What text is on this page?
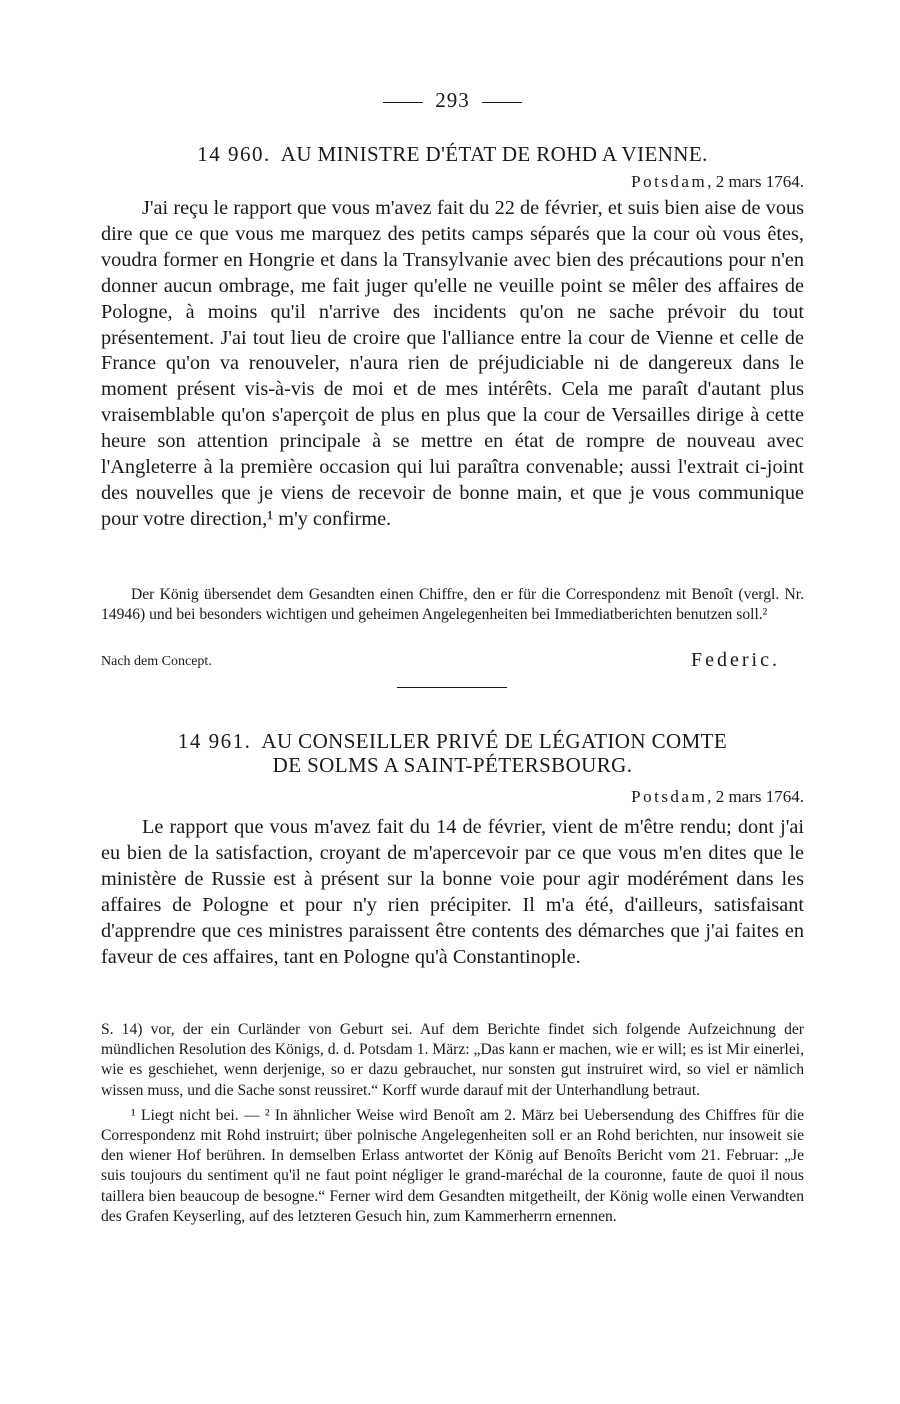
293
14 960. AU MINISTRE D'ÉTAT DE ROHD A VIENNE.
Potsdam, 2 mars 1764.

J'ai reçu le rapport que vous m'avez fait du 22 de février, et suis bien aise de vous dire que ce que vous me marquez des petits camps séparés que la cour où vous êtes, voudra former en Hongrie et dans la Transylvanie avec bien des précautions pour n'en donner aucun ombrage, me fait juger qu'elle ne veuille point se mêler des affaires de Pologne, à moins qu'il n'arrive des incidents qu'on ne sache prévoir du tout présentement. J'ai tout lieu de croire que l'alliance entre la cour de Vienne et celle de France qu'on va renouveler, n'aura rien de préjudiciable ni de dangereux dans le moment présent vis-à-vis de moi et de mes intérêts. Cela me paraît d'autant plus vraisemblable qu'on s'aperçoit de plus en plus que la cour de Versailles dirige à cette heure son attention principale à se mettre en état de rompre de nouveau avec l'Angleterre à la première occasion qui lui paraîtra convenable; aussi l'extrait ci-joint des nouvelles que je viens de recevoir de bonne main, et que je vous communique pour votre direction,¹ m'y confirme.

Der König übersendet dem Gesandten einen Chiffre, den er für die Correspondenz mit Benoît (vergl. Nr. 14946) und bei besonders wichtigen und geheimen Angelegenheiten bei Immediatberichten benutzen soll.²

Nach dem Concept.	Federic.
14 961. AU CONSEILLER PRIVÉ DE LÉGATION COMTE
DE SOLMS A SAINT-PÉTERSBOURG.
Potsdam, 2 mars 1764.

Le rapport que vous m'avez fait du 14 de février, vient de m'être rendu; dont j'ai eu bien de la satisfaction, croyant de m'apercevoir par ce que vous m'en dites que le ministère de Russie est à présent sur la bonne voie pour agir modérément dans les affaires de Pologne et pour n'y rien précipiter. Il m'a été, d'ailleurs, satisfaisant d'apprendre que ces ministres paraissent être contents des démarches que j'ai faites en faveur de ces affaires, tant en Pologne qu'à Constantinople.

S. 14) vor, der ein Curländer von Geburt sei. Auf dem Berichte findet sich folgende Aufzeichnung der mündlichen Resolution des Königs, d. d. Potsdam 1. März: „Das kann er machen, wie er will; es ist Mir einerlei, wie es geschiehet, wenn derjenige, so er dazu gebrauchet, nur sonsten gut instruiret wird, so viel er nämlich wissen muss, und die Sache sonst reussiret.“ Korff wurde darauf mit der Unterhandlung betraut.

¹ Liegt nicht bei. — ² In ähnlicher Weise wird Benoît am 2. März bei Uebersendung des Chiffres für die Correspondenz mit Rohd instruirt; über polnische Angelegenheiten soll er an Rohd berichten, nur insoweit sie den wiener Hof berühren. In demselben Erlass antwortet der König auf Benoîts Bericht vom 21. Februar: „Je suis toujours du sentiment qu'il ne faut point négliger le grand-maréchal de la couronne, faute de quoi il nous taillera bien beaucoup de besogne.“ Ferner wird dem Gesandten mitgetheilt, der König wolle einen Verwandten des Grafen Keyserling, auf des letzteren Gesuch hin, zum Kammerherrn ernennen.
